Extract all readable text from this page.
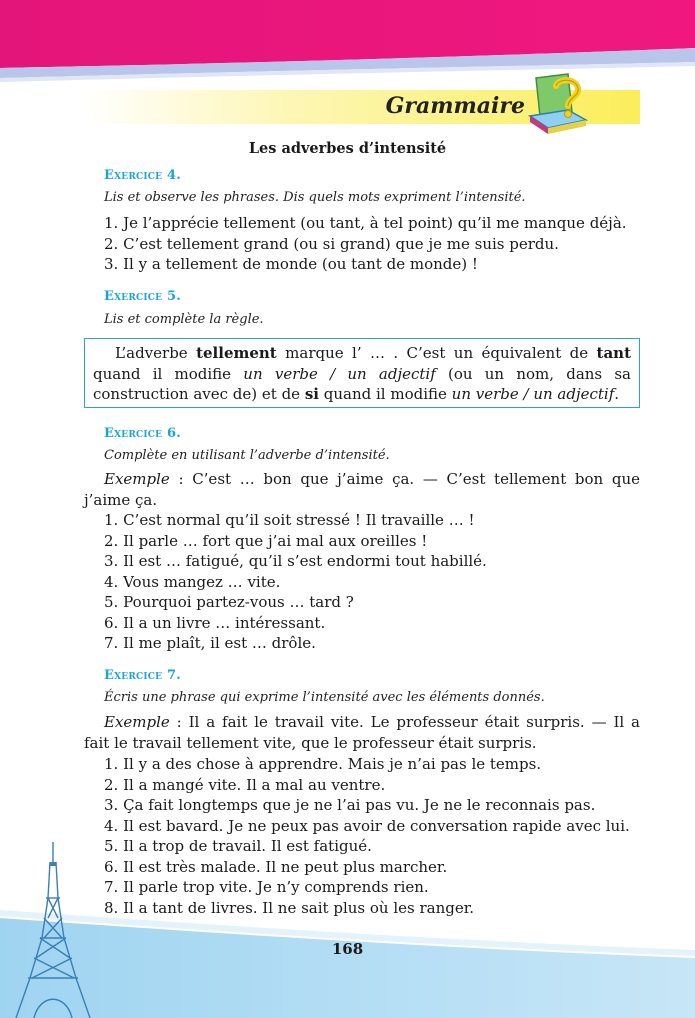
Grammaire
Les adverbes d’intensité
Exercice 4.
Lis et observe les phrases. Dis quels mots expriment l’intensité.
1. Je l’apprécie tellement (ou tant, à tel point) qu’il me manque déjà.
2. C’est tellement grand (ou si grand) que je me suis perdu.
3. Il y a tellement de monde (ou tant de monde) !
Exercice 5.
Lis et complète la règle.
L’adverbe tellement marque l’ … . C’est un équivalent de tant quand il modifie un verbe / un adjectif (ou un nom, dans sa construction avec de) et de si quand il modifie un verbe / un adjectif.
Exercice 6.
Complète en utilisant l’adverbe d’intensité.
Exemple : C’est … bon que j’aime ça. — C’est tellement bon que j’aime ça.
1. C’est normal qu’il soit stressé ! Il travaille … !
2. Il parle … fort que j’ai mal aux oreilles !
3. Il est … fatigué, qu’il s’est endormi tout habillé.
4. Vous mangez … vite.
5. Pourquoi partez-vous … tard ?
6. Il a un livre … intéressant.
7. Il me plaît, il est … drôle.
Exercice 7.
Écris une phrase qui exprime l’intensité avec les éléments donnés.
Exemple : Il a fait le travail vite. Le professeur était surpris. — Il a fait le travail tellement vite, que le professeur était surpris.
1. Il y a des chose à apprendre. Mais je n’ai pas le temps.
2. Il a mangé vite. Il a mal au ventre.
3. Ça fait longtemps que je ne l’ai pas vu. Je ne le reconnais pas.
4. Il est bavard. Je ne peux pas avoir de conversation rapide avec lui.
5. Il a trop de travail. Il est fatigué.
6. Il est très malade. Il ne peut plus marcher.
7. Il parle trop vite. Je n’y comprends rien.
8. Il a tant de livres. Il ne sait plus où les ranger.
168
